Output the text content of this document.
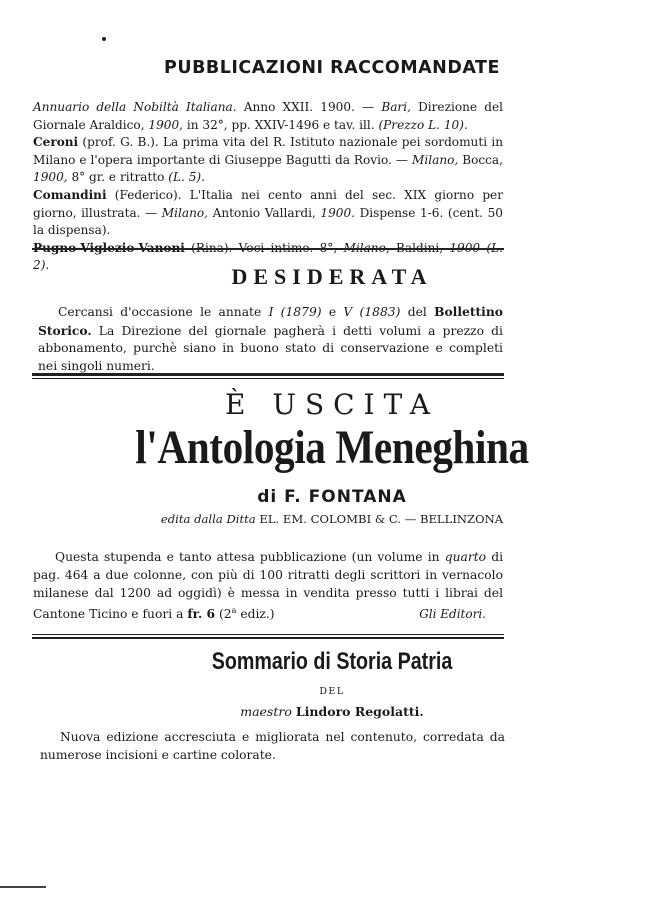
PUBBLICAZIONI RACCOMANDATE

Annuario della Nobiltà Italiana. Anno XXII. 1900. — Bari, Direzione del Giornale Araldico, 1900, in 32°, pp. XXIV-1496 e tav. ill. (Prezzo L. 10).

Ceroni (prof. G. B.). La prima vita del R. Istituto nazionale pei sordomuti in Milano e l'opera importante di Giuseppe Bagutti da Rovio. — Milano, Bocca, 1900, 8° gr. e ritratto (L. 5).

Comandini (Federico). L'Italia nei cento anni del sec. XIX giorno per giorno, illustrata. — Milano, Antonio Vallardi, 1900. Dispense 1-6. (cent. 50 la dispensa).

2).	DESIDERATA
Cercansi d'occasione le annate I (1879) e V (1883) del Bollettino Storico. La Direzione del giornale pagherà i detti volumi a prezzo di abbonamento, purchè siano in buono stato di conservazione e completi nei singoli numeri.
È USCITA
l'Antologia Meneghina
di F. FONTANA
edita dalla Ditta EL. EM. COLOMBI & C. — BELLINZONA
Questa stupenda e tanto attesa pubblicazione (un volume in quarto di pag. 464 a due colonne, con più di 100 ritratti degli scrittori in vernacolo milanese dal 1200 ad oggidì) è messa in vendita presso tutti i librai del Cantone Ticino e fuori a fr. 6 (2$^a$ ediz.)	Gli Editori.
Sommario di Storia Patria
DEL
maestro Lindoro Regolatti.
Nuova edizione accresciuta e migliorata nel contenuto, corredata da numerose incisioni e cartine colorate.
